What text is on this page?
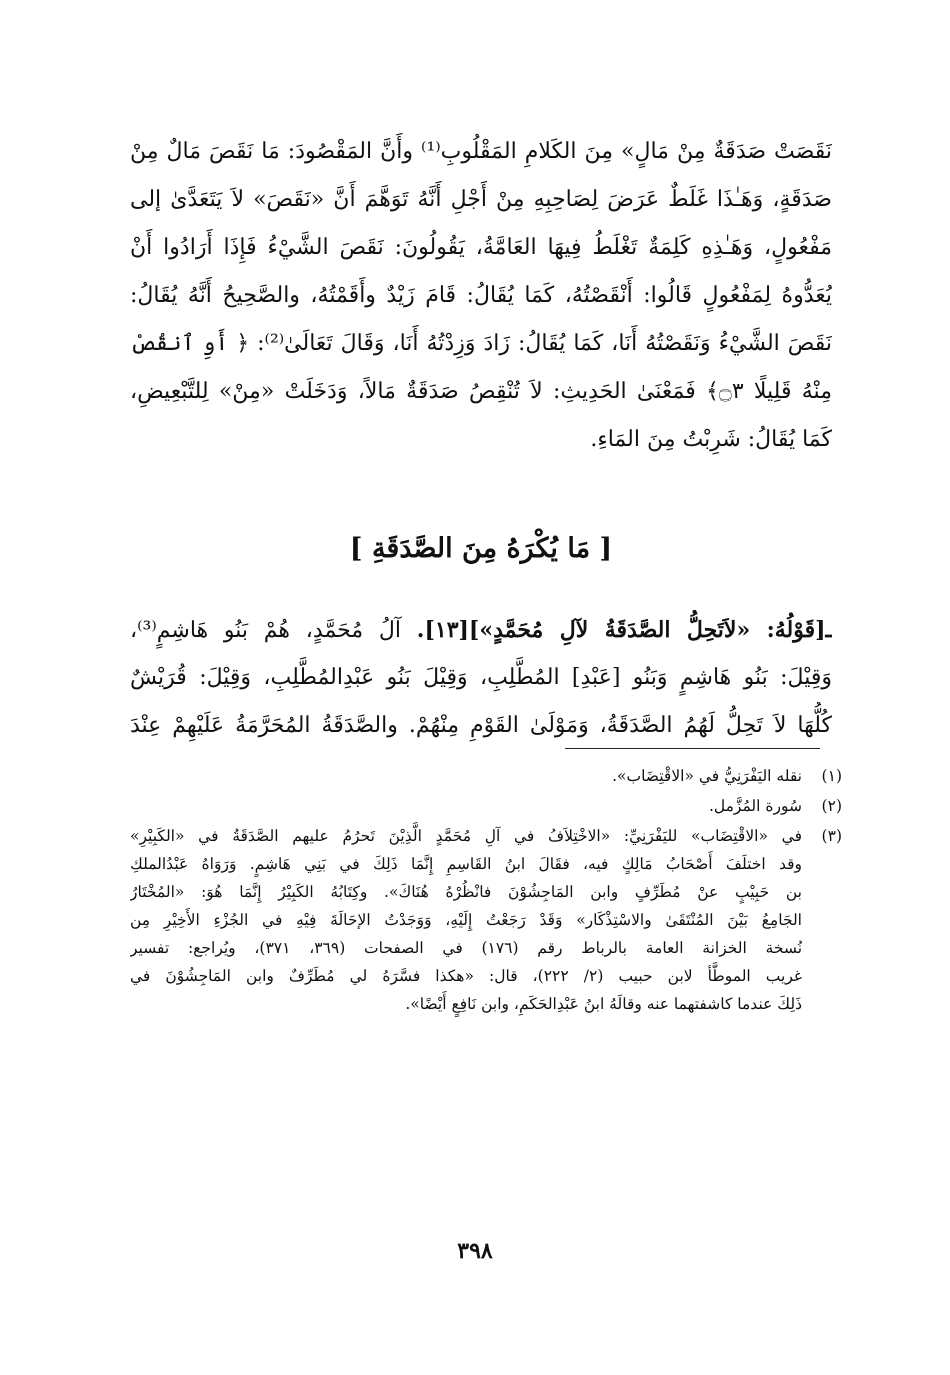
نَقَصَتْ صَدَقَةٌ مِنْ مَالٍ» مِنَ الكَلامِ المَقْلُوبِ⁽¹⁾ وأَنَّ المَقْصُودَ: مَا نَقَصَ مَالٌ مِنْ
صَدَقَةٍ، وَهَـٰذَا غَلَطٌ عَرَضَ لِصَاحِبِهِ مِنْ أَجْلِ أَنَّهُ تَوَهَّمَ أَنَّ «نَقَصَ» لاَ يَتَعَدَّىٰ إلى
مَفْعُولٍ، وَهَـٰذِهِ كَلِمَةٌ تَغْلَطُ فِيهَا العَامَّةُ، يَقُولُونَ: نَقَصَ الشَّيْءُ فَإِذَا أَرَادُوا أَنْ
يُعَدُّوهُ لِمَفْعُولٍ قَالُوا: أَنْقَصْتُهُ، كَمَا يُقَالُ: قَامَ زَيْدٌ وأَقَمْتُهُ، والصَّحِيحُ أَنَّهُ يُقَالُ:
نَقَصَ الشَّيْءُ وَنَقَصْتُهُ أَنَا، كَمَا يُقَالُ: زَادَ وَزِدْتُهُ أَنَا، وَقَالَ تَعَالَىٰ⁽²⁾: ﴿ أَوِ ٱنقُصْ
مِنْهُ قَلِيلًا ۝٣﴾ فَمَعْنَىٰ الحَدِيثِ: لاَ تُنْقِصُ صَدَقَةٌ مَالاً، وَدَخَلَتْ «مِنْ» لِلتَّبْعِيضِ،
كَمَا يُقَالُ: شَرِبْتُ مِنَ المَاءِ.
[ مَا يُكْرَهُ مِنَ الصَّدَقَةِ ]
ـ[قَوْلُهُ: «لاَتَحِلُّ الصَّدَقَةُ لآلِ مُحَمَّدٍ»][١٣]. آلُ مُحَمَّدٍ، هُمْ بَنُو هَاشِمٍ⁽³⁾،
وَقِيْلَ: بَنُو هَاشِمٍ وَبَنُو [عَبْدِ] المُطَّلِبِ، وَقِيْلَ بَنُو عَبْدِالمُطَّلِبِ، وَقِيْلَ: قُرَيْشٌ
كُلُّهَا لاَ تَحِلُّ لَهُمُ الصَّدَقَةُ، وَمَوْلَىٰ القَوْمِ مِنْهُمْ. والصَّدَقَةُ المُحَرَّمَةُ عَلَيْهِمْ عِنْدَ
(١)
نقله اليَفْرَنِيُّ في «الاقْتِضَاب».
(٢)
سُورة المُزَّمل.
(٣)
في «الاقْتِضَاب» لليَفْرَنِيِّ: «الاخْتِلاَفُ في آلِ مُحَمَّدٍ الَّذِيْنَ تَحرُمُ عليهم الصَّدَقَةُ في «الكَبِيْرِ»
وقد اختلَفَ أَصْحَابُ مَالِكٍ فيه، فقَالَ ابنُ القَاسِمِ إِنَّمَا ذَلِكَ في بَنِي هَاشِمٍ. وَرَوَاهُ عَبْدُالملكِ
بن حَبِيْبٍ عنْ مُطَرِّفٍ وابن المَاجِشُوْنَ فانْظُرْهُ هُنَاكَ». وكِتَابُهُ الكَبِيْرُ إِنَّمَا هُوَ: «المُخْتَارُ
الجَامِعُ بَيْنَ المُنْتَقَىٰ والاسْتِذْكَار» وَقَدْ رَجَعْتُ إِلَيْهِ، وَوَجَدْتُ الإحَالَةَ فِيْهِ في الجُزْءِ الأَخِيْرِ مِن
نُسخة الخزانة العامة بالرباط رقم (١٧٦) في الصفحات (٣٦٩، ٣٧١)، ويُراجع: تفسير
غريب الموطَّأ لابن حبيب (٢/ ٢٢٢)، قال: «هكذا فسَّرَهُ لي مُطَرِّفٌ وابن المَاجِشُوْنَ في
ذَلِكَ عندما كاشفتهما عنه وقالَهُ ابنُ عَبْدِالحَكَمِ، وابن نَافِعٍ أَيْضًا».
٣٩٨
